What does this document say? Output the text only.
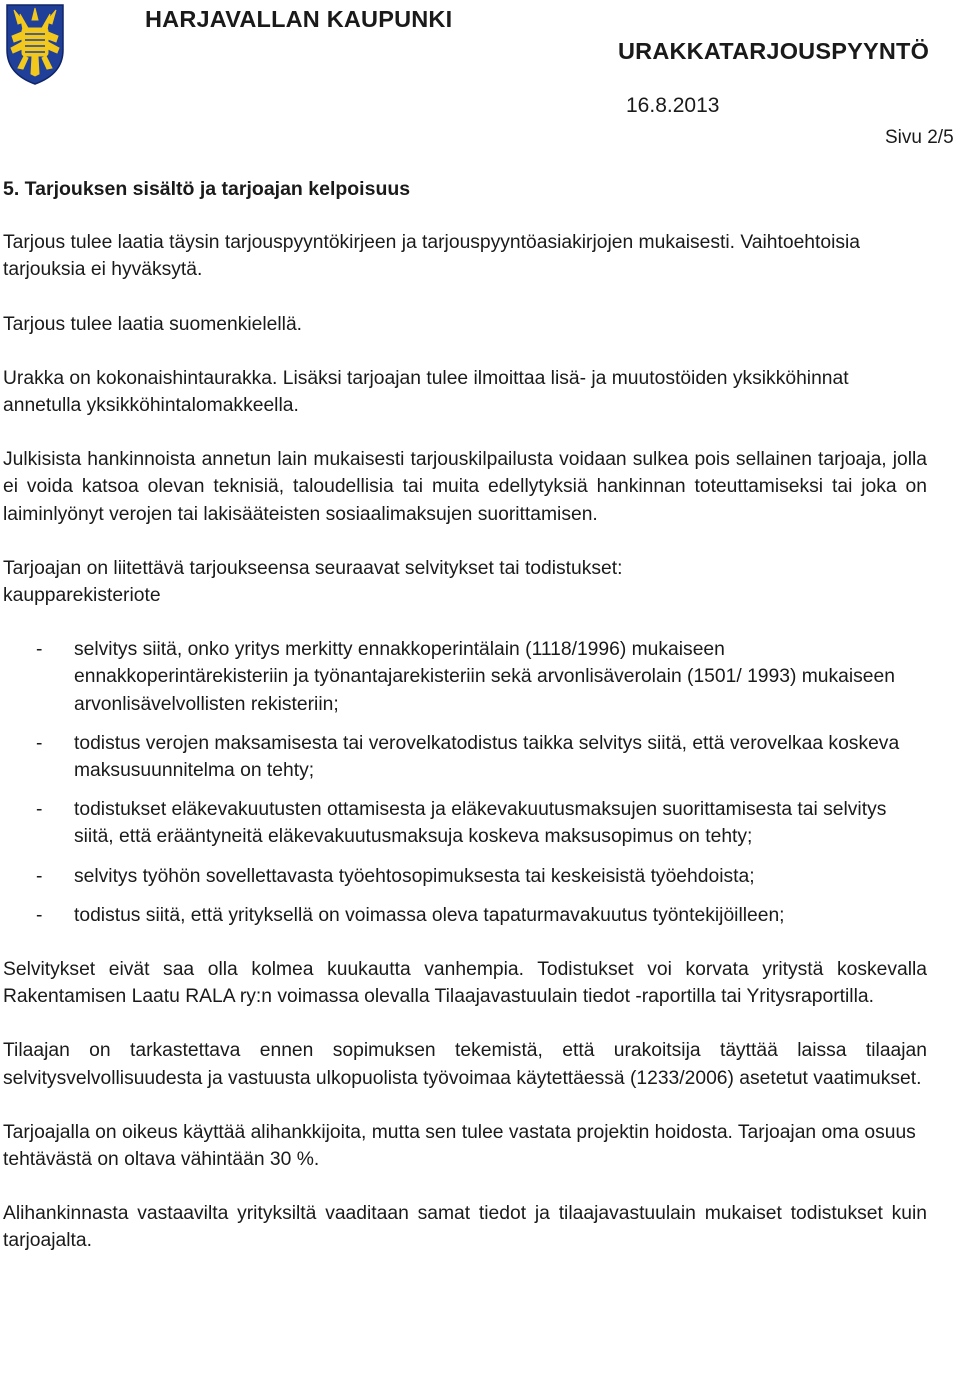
HARJAVALLAN KAUPUNKI
URAKKATARJOUSPYYNTÖ
16.8.2013
Sivu 2/5
5. Tarjouksen sisältö ja tarjoajan kelpoisuus

Tarjous tulee laatia täysin tarjouspyyntökirjeen ja tarjouspyyntöasiakirjojen mukaisesti. Vaihtoehtoisia tarjouksia ei hyväksytä.

Tarjous tulee laatia suomenkielellä.

Urakka on kokonaishintaurakka. Lisäksi tarjoajan tulee ilmoittaa lisä- ja muutostöiden yksikköhinnat annetulla yksikköhintalomakkeella.

Julkisista hankinnoista annetun lain mukaisesti tarjouskilpailusta voidaan sulkea pois sellainen tarjoaja, jolla ei voida katsoa olevan teknisiä, taloudellisia tai muita edellytyksiä hankinnan toteuttamiseksi tai joka on laiminlyönyt verojen tai lakisääteisten sosiaalimaksujen suorittamisen.

Tarjoajan on liitettävä tarjoukseensa seuraavat selvitykset tai todistukset:
kaupparekisteriote
- selvitys siitä, onko yritys merkitty ennakkoperintälain (1118/1996) mukaiseen ennakkoperintärekisteriin ja työnantajarekisteriin sekä arvonlisäverolain (1501/ 1993) mukaiseen arvonlisävelvollisten rekisteriin;
- todistus verojen maksamisesta tai verovelkatodistus taikka selvitys siitä, että verovelkaa koskeva maksusuunnitelma on tehty;
- todistukset eläkevakuutusten ottamisesta ja eläkevakuutusmaksujen suorittamisesta tai selvitys siitä, että erääntyneitä eläkevakuutusmaksuja koskeva maksusopimus on tehty;
- selvitys työhön sovellettavasta työehtosopimuksesta tai keskeisistä työehdoista;
- todistus siitä, että yrityksellä on voimassa oleva tapaturmavakuutus työntekijöilleen;

Selvitykset eivät saa olla kolmea kuukautta vanhempia. Todistukset voi korvata yritystä koskevalla Rakentamisen Laatu RALA ry:n voimassa olevalla Tilaajavastuulain tiedot -raportilla tai Yritysraportilla.

Tilaajan on tarkastettava ennen sopimuksen tekemistä, että urakoitsija täyttää laissa tilaajan selvitysvelvollisuudesta ja vastuusta ulkopuolista työvoimaa käytettäessä (1233/2006) asetetut vaatimukset.

Tarjoajalla on oikeus käyttää alihankkijoita, mutta sen tulee vastata projektin hoidosta. Tarjoajan oma osuus tehtävästä on oltava vähintään 30 %.

Alihankinnasta vastaavilta yrityksiltä vaaditaan samat tiedot ja tilaajavastuulain mukaiset todistukset kuin tarjoajalta.
